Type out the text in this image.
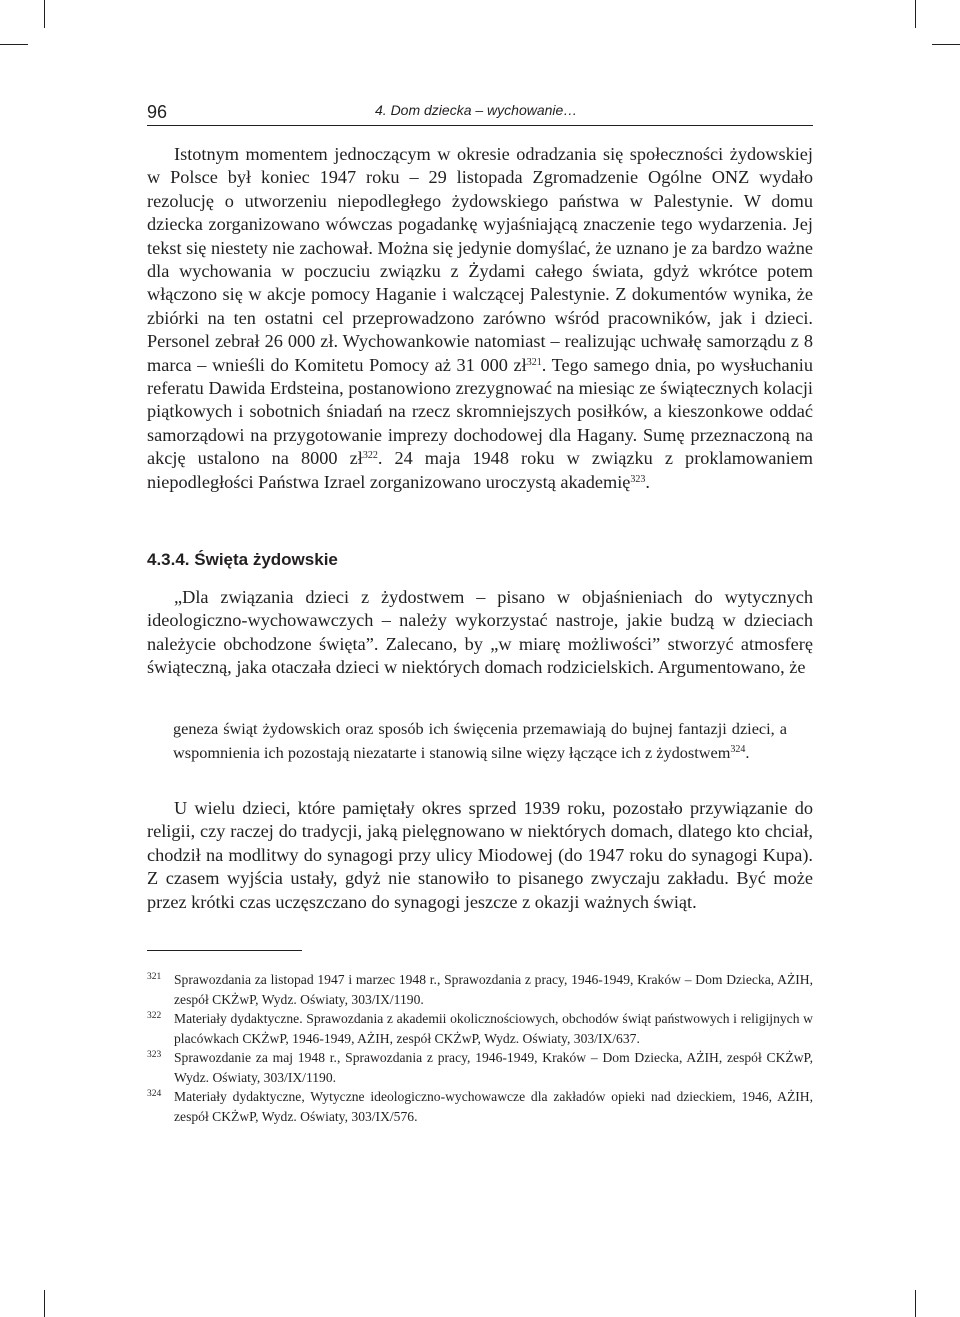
96	4. Dom dziecka – wychowanie…

Istotnym momentem jednoczącym w okresie odradzania się społeczności żydowskiej w Polsce był koniec 1947 roku – 29 listopada Zgromadzenie Ogólne ONZ wydało rezolucję o utworzeniu niepodległego żydowskiego państwa w Palestynie. W domu dziecka zorganizowano wówczas pogadankę wyjaśniającą znaczenie tego wydarzenia. Jej tekst się niestety nie zachował. Można się jedynie domyślać, że uznano je za bardzo ważne dla wychowania w poczuciu związku z Żydami całego świata, gdyż wkrótce potem włączono się w akcje pomocy Haganie i walczącej Palestynie. Z dokumentów wynika, że zbiórki na ten ostatni cel przeprowadzono zarówno wśród pracowników, jak i dzieci. Personel zebrał 26 000 zł. Wychowankowie natomiast – realizując uchwałę samorządu z 8 marca – wnieśli do Komitetu Pomocy aż 31 000 $zł^{321}$. Tego samego dnia, po wysłuchaniu referatu Dawida Erdsteina, postanowiono zrezygnować na miesiąc ze świątecznych kolacji piątkowych i sobotnich śniadań na rzecz skromniejszych posiłków, a kieszonkowe oddać samorządowi na przygotowanie imprezy dochodowej dla Hagany. Sumę przeznaczoną na akcję ustalono na 8000 $zł^{322}$. 24 maja 1948 roku w związku z proklamowaniem niepodległości Państwa Izrael zorganizowano uroczystą akademię$^{323}$.

4.3.4. Święta żydowskie

„Dla związania dzieci z żydostwem – pisano w objaśnieniach do wytycznych ideologiczno-wychowawczych – należy wykorzystać nastroje, jakie budzą w dzieciach należycie obchodzone święta”. Zalecano, by „w miarę możliwości” stworzyć atmosferę świąteczną, jaka otaczała dzieci w niektórych domach rodzicielskich. Argumentowano, że

geneza świąt żydowskich oraz sposób ich święcenia przemawiają do bujnej fantazji dzieci, a wspomnienia ich pozostają niezatarte i stanowią silne więzy łączące ich z żydostwem$^{324}$.

U wielu dzieci, które pamiętały okres sprzed 1939 roku, pozostało przywiązanie do religii, czy raczej do tradycji, jaką pielęgnowano w niektórych domach, dlatego kto chciał, chodził na modlitwy do synagogi przy ulicy Miodowej (do 1947 roku do synagogi Kupa). Z czasem wyjścia ustały, gdyż nie stanowiło to pisanego zwyczaju zakładu. Być może przez krótki czas uczęszczano do synagogi jeszcze z okazji ważnych świąt.

321 Sprawozdania za listopad 1947 i marzec 1948 r., Sprawozdania z pracy, 1946-1949, Kraków – Dom Dziecka, AŻIH, zespół CKŻwP, Wydz. Oświaty, 303/IX/1190.
322 Materiały dydaktyczne. Sprawozdania z akademii okolicznościowych, obchodów świąt państwowych i religijnych w placówkach CKŻwP, 1946-1949, AŻIH, zespół CKŻwP, Wydz. Oświaty, 303/IX/637.
323 Sprawozdanie za maj 1948 r., Sprawozdania z pracy, 1946-1949, Kraków – Dom Dziecka, AŻIH, zespół CKŻwP, Wydz. Oświaty, 303/IX/1190.
324 Materiały dydaktyczne, Wytyczne ideologiczno-wychowawcze dla zakładów opieki nad dzieckiem, 1946, AŻIH, zespół CKŻwP, Wydz. Oświaty, 303/IX/576.
